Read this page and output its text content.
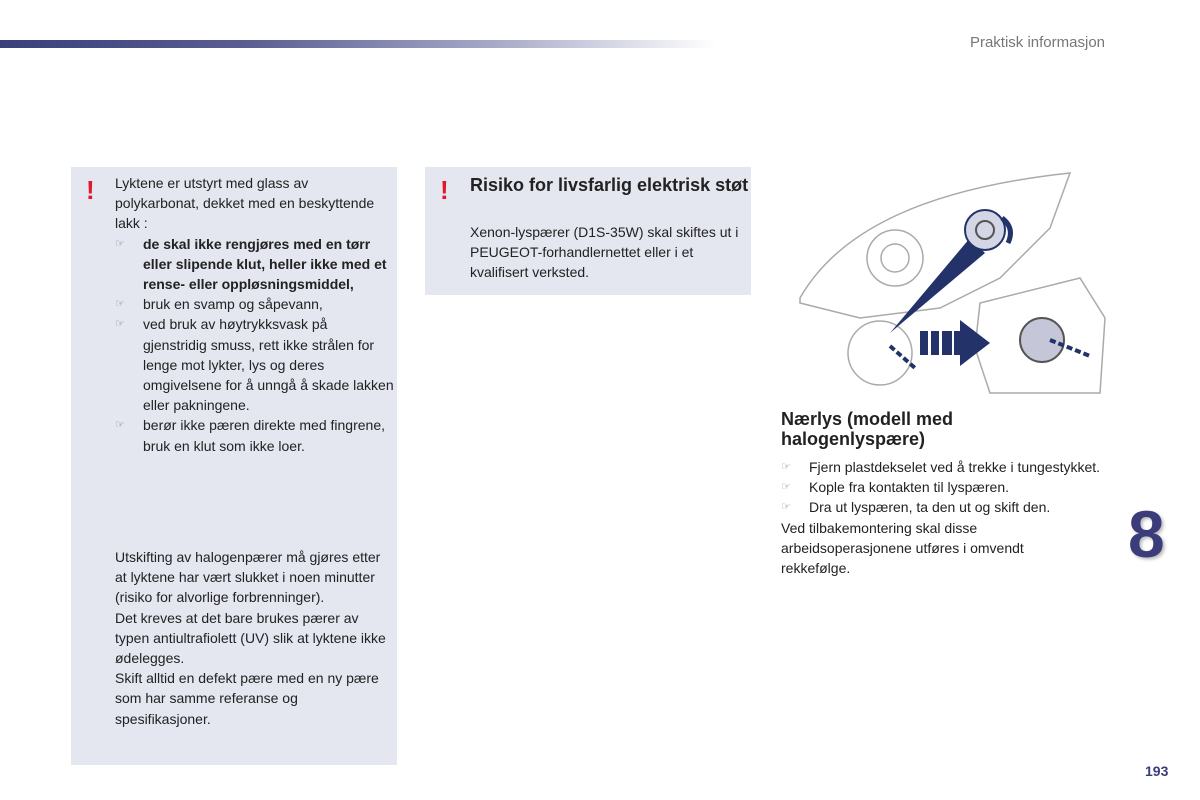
Praktisk informasjon
! Lyktene er utstyrt med glass av polykarbonat, dekket med en beskyttende lakk :
☞ de skal ikke rengjøres med en tørr eller slipende klut, heller ikke med et rense- eller oppløsningsmiddel,
☞ bruk en svamp og såpevann,
☞ ved bruk av høytrykksvask på gjenstridig smuss, rett ikke strålen for lenge mot lykter, lys og deres omgivelsene for å unngå å skade lakken eller pakningene.
☞ berør ikke pæren direkte med fingrene, bruk en klut som ikke loer.
Utskifting av halogenpærer må gjøres etter at lyktene har vært slukket i noen minutter (risiko for alvorlige forbrenninger).
Det kreves at det bare brukes pærer av typen antiultrafiolett (UV) slik at lyktene ikke ødelegges.
Skift alltid en defekt pære med en ny pære som har samme referanse og spesifikasjoner.
! Risiko for livsfarlig elektrisk støt
Xenon-lyspærer (D1S-35W) skal skiftes ut i PEUGEOT-forhandlernettet eller i et kvalifisert verksted.
Nærlys (modell med halogenlyspære)
☞ Fjern plastdekselet ved å trekke i tungestykket.
☞ Kople fra kontakten til lyspæren.
☞ Dra ut lyspæren, ta den ut og skift den.
Ved tilbakemontering skal disse arbeidsoperasjonene utføres i omvendt rekkefølge.	8
193
